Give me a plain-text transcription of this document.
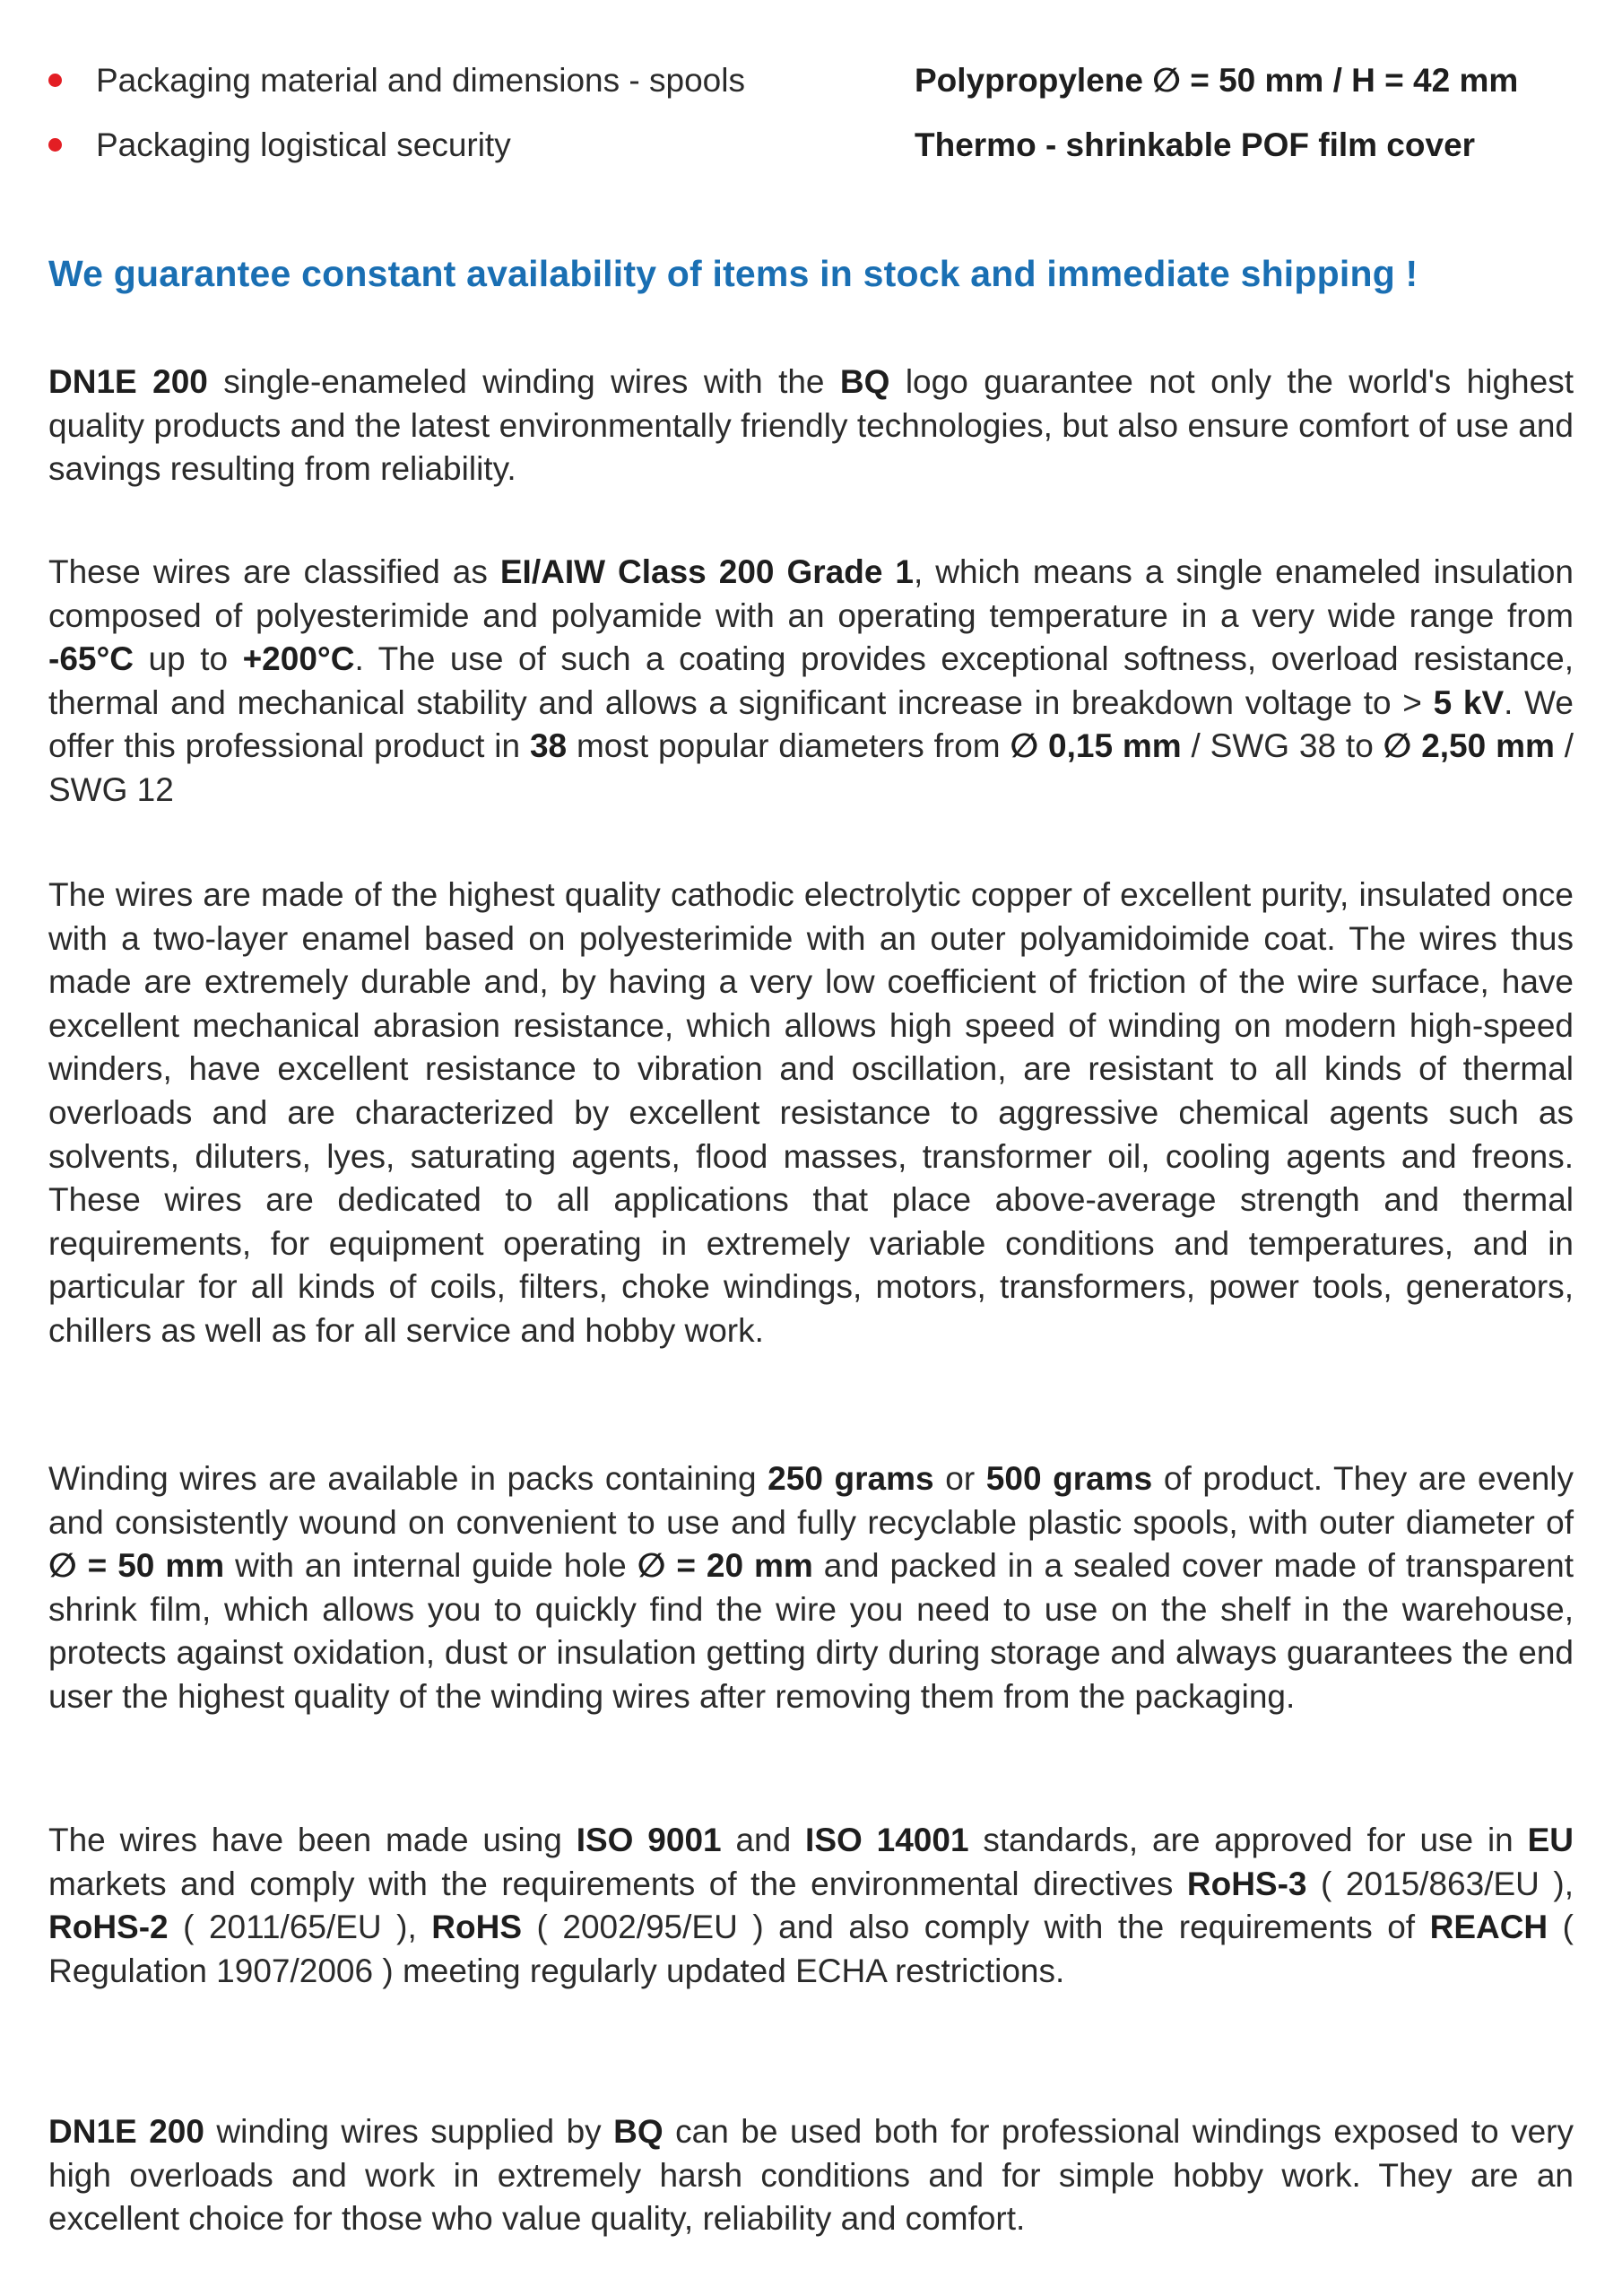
Packaging material and dimensions - spools	Polypropylene ∅ = 50 mm / H = 42 mm
Packaging logistical security	Thermo - shrinkable POF film cover
We guarantee constant availability of items in stock and immediate shipping !

DN1E 200 single-enameled winding wires with the BQ logo guarantee not only the world's highest quality products and the latest environmentally friendly technologies, but also ensure comfort of use and savings resulting from reliability.

These wires are classified as EI/AIW Class 200 Grade 1, which means a single enameled insulation composed of polyesterimide and polyamide with an operating temperature in a very wide range from -65°C up to +200°C. The use of such a coating provides exceptional softness, overload resistance, thermal and mechanical stability and allows a significant increase in breakdown voltage to > 5 kV. We offer this professional product in 38 most popular diameters from ∅ 0,15 mm / SWG 38 to ∅ 2,50 mm / SWG 12

The wires are made of the highest quality cathodic electrolytic copper of excellent purity, insulated once with a two-layer enamel based on polyesterimide with an outer polyamidoimide coat. The wires thus made are extremely durable and, by having a very low coefficient of friction of the wire surface, have excellent mechanical abrasion resistance, which allows high speed of winding on modern high-speed winders, have excellent resistance to vibration and oscillation, are resistant to all kinds of thermal overloads and are characterized by excellent resistance to aggressive chemical agents such as solvents, diluters, lyes, saturating agents, flood masses, transformer oil, cooling agents and freons. These wires are dedicated to all applications that place above-average strength and thermal requirements, for equipment operating in extremely variable conditions and temperatures, and in particular for all kinds of coils, filters, choke windings, motors, transformers, power tools, generators, chillers as well as for all service and hobby work.

Winding wires are available in packs containing 250 grams or 500 grams of product. They are evenly and consistently wound on convenient to use and fully recyclable plastic spools, with outer diameter of ∅ = 50 mm with an internal guide hole ∅ = 20 mm and packed in a sealed cover made of transparent shrink film, which allows you to quickly find the wire you need to use on the shelf in the warehouse, protects against oxidation, dust or insulation getting dirty during storage and always guarantees the end user the highest quality of the winding wires after removing them from the packaging.

The wires have been made using ISO 9001 and ISO 14001 standards, are approved for use in EU markets and comply with the requirements of the environmental directives RoHS-3 ( 2015/863/EU ), RoHS-2 ( 2011/65/EU ), RoHS ( 2002/95/EU ) and also comply with the requirements of REACH ( Regulation 1907/2006 ) meeting regularly updated ECHA restrictions.

DN1E 200 winding wires supplied by BQ can be used both for professional windings exposed to very high overloads and work in extremely harsh conditions and for simple hobby work. They are an excellent choice for those who value quality, reliability and comfort.
